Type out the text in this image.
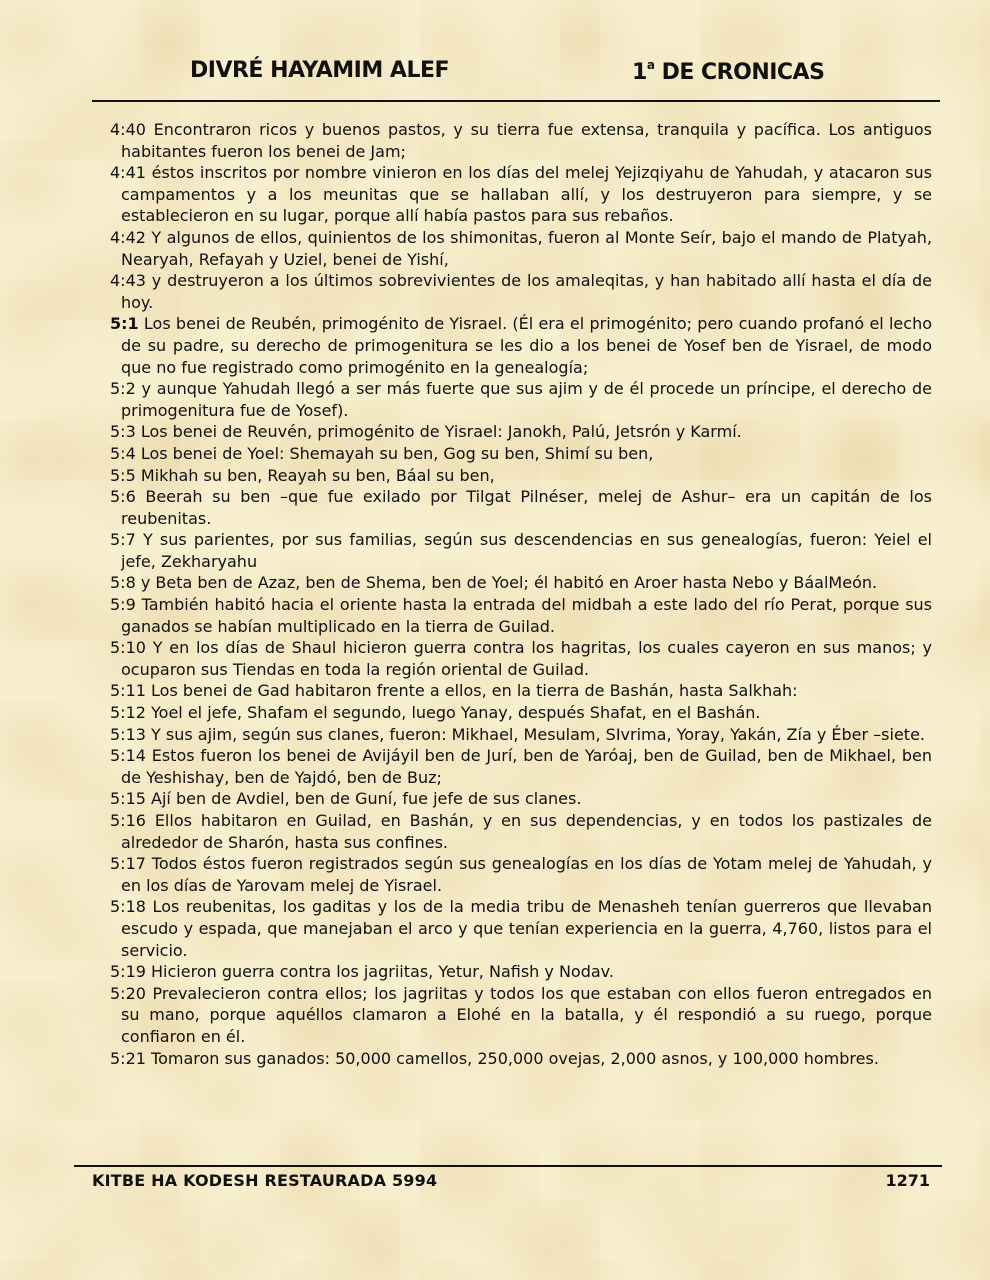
DIVRÉ HAYAMIM ALEF	1$^a$ DE CRONICAS

4:40 Encontraron ricos y buenos pastos, y su tierra fue extensa, tranquila y pacífica. Los antiguos habitantes fueron los benei de Jam;

4:41 éstos inscritos por nombre vinieron en los días del melej Yejizqiyahu de Yahudah, y atacaron sus campamentos y a los meunitas que se hallaban allí, y los destruyeron para siempre, y se establecieron en su lugar, porque allí había pastos para sus rebaños.

4:42 Y algunos de ellos, quinientos de los shimonitas, fueron al Monte Seír, bajo el mando de Platyah, Nearyah, Refayah y Uziel, benei de Yishí,

4:43 y destruyeron a los últimos sobrevivientes de los amaleqitas, y han habitado allí hasta el día de hoy.

5:1 Los benei de Reubén, primogénito de Yisrael. (Él era el primogénito; pero cuando profanó el lecho de su padre, su derecho de primogenitura se les dio a los benei de Yosef ben de Yisrael, de modo que no fue registrado como primogénito en la genealogía;

5:2 y aunque Yahudah llegó a ser más fuerte que sus ajim y de él procede un príncipe, el derecho de primogenitura fue de Yosef).

5:3 Los benei de Reuvén, primogénito de Yisrael: Janokh, Palú, Jetsrón y Karmí.

5:4 Los benei de Yoel: Shemayah su ben, Gog su ben, Shimí su ben,

5:5 Mikhah su ben, Reayah su ben, Báal su ben,

5:6 Beerah su ben –que fue exilado por Tilgat Pilnéser, melej de Ashur– era un capitán de los reubenitas.

5:7 Y sus parientes, por sus familias, según sus descendencias en sus genealogías, fueron: Yeiel el jefe, Zekharyahu

5:8 y Beta ben de Azaz, ben de Shema, ben de Yoel; él habitó en Aroer hasta Nebo y BáalMeón.

5:9 También habitó hacia el oriente hasta la entrada del midbah a este lado del río Perat, porque sus ganados se habían multiplicado en la tierra de Guilad.

5:10 Y en los días de Shaul hicieron guerra contra los hagritas, los cuales cayeron en sus manos; y ocuparon sus Tiendas en toda la región oriental de Guilad.

5:11 Los benei de Gad habitaron frente a ellos, en la tierra de Bashán, hasta Salkhah:

5:12 Yoel el jefe, Shafam el segundo, luego Yanay, después Shafat, en el Bashán.

5:13 Y sus ajim, según sus clanes, fueron: Mikhael, Mesulam, SIvrima, Yoray, Yakán, Zía y Éber –siete.

5:14 Estos fueron los benei de Avijáyil ben de Jurí, ben de Yaróaj, ben de Guilad, ben de Mikhael, ben de Yeshishay, ben de Yajdó, ben de Buz;

5:15 Ají ben de Avdiel, ben de Guní, fue jefe de sus clanes.

5:16 Ellos habitaron en Guilad, en Bashán, y en sus dependencias, y en todos los pastizales de alrededor de Sharón, hasta sus confines.

5:17 Todos éstos fueron registrados según sus genealogías en los días de Yotam melej de Yahudah, y en los días de Yarovam melej de Yisrael.

5:18 Los reubenitas, los gaditas y los de la media tribu de Menasheh tenían guerreros que llevaban escudo y espada, que manejaban el arco y que tenían experiencia en la guerra, 4,760, listos para el servicio.

5:19 Hicieron guerra contra los jagriitas, Yetur, Nafish y Nodav.

5:20 Prevalecieron contra ellos; los jagriitas y todos los que estaban con ellos fueron entregados en su mano, porque aquéllos clamaron a Elohé en la batalla, y él respondió a su ruego, porque confiaron en él.

5:21 Tomaron sus ganados: 50,000 camellos, 250,000 ovejas, 2,000 asnos, y 100,000 hombres.

KITBE HA KODESH RESTAURADA 5994	1271
